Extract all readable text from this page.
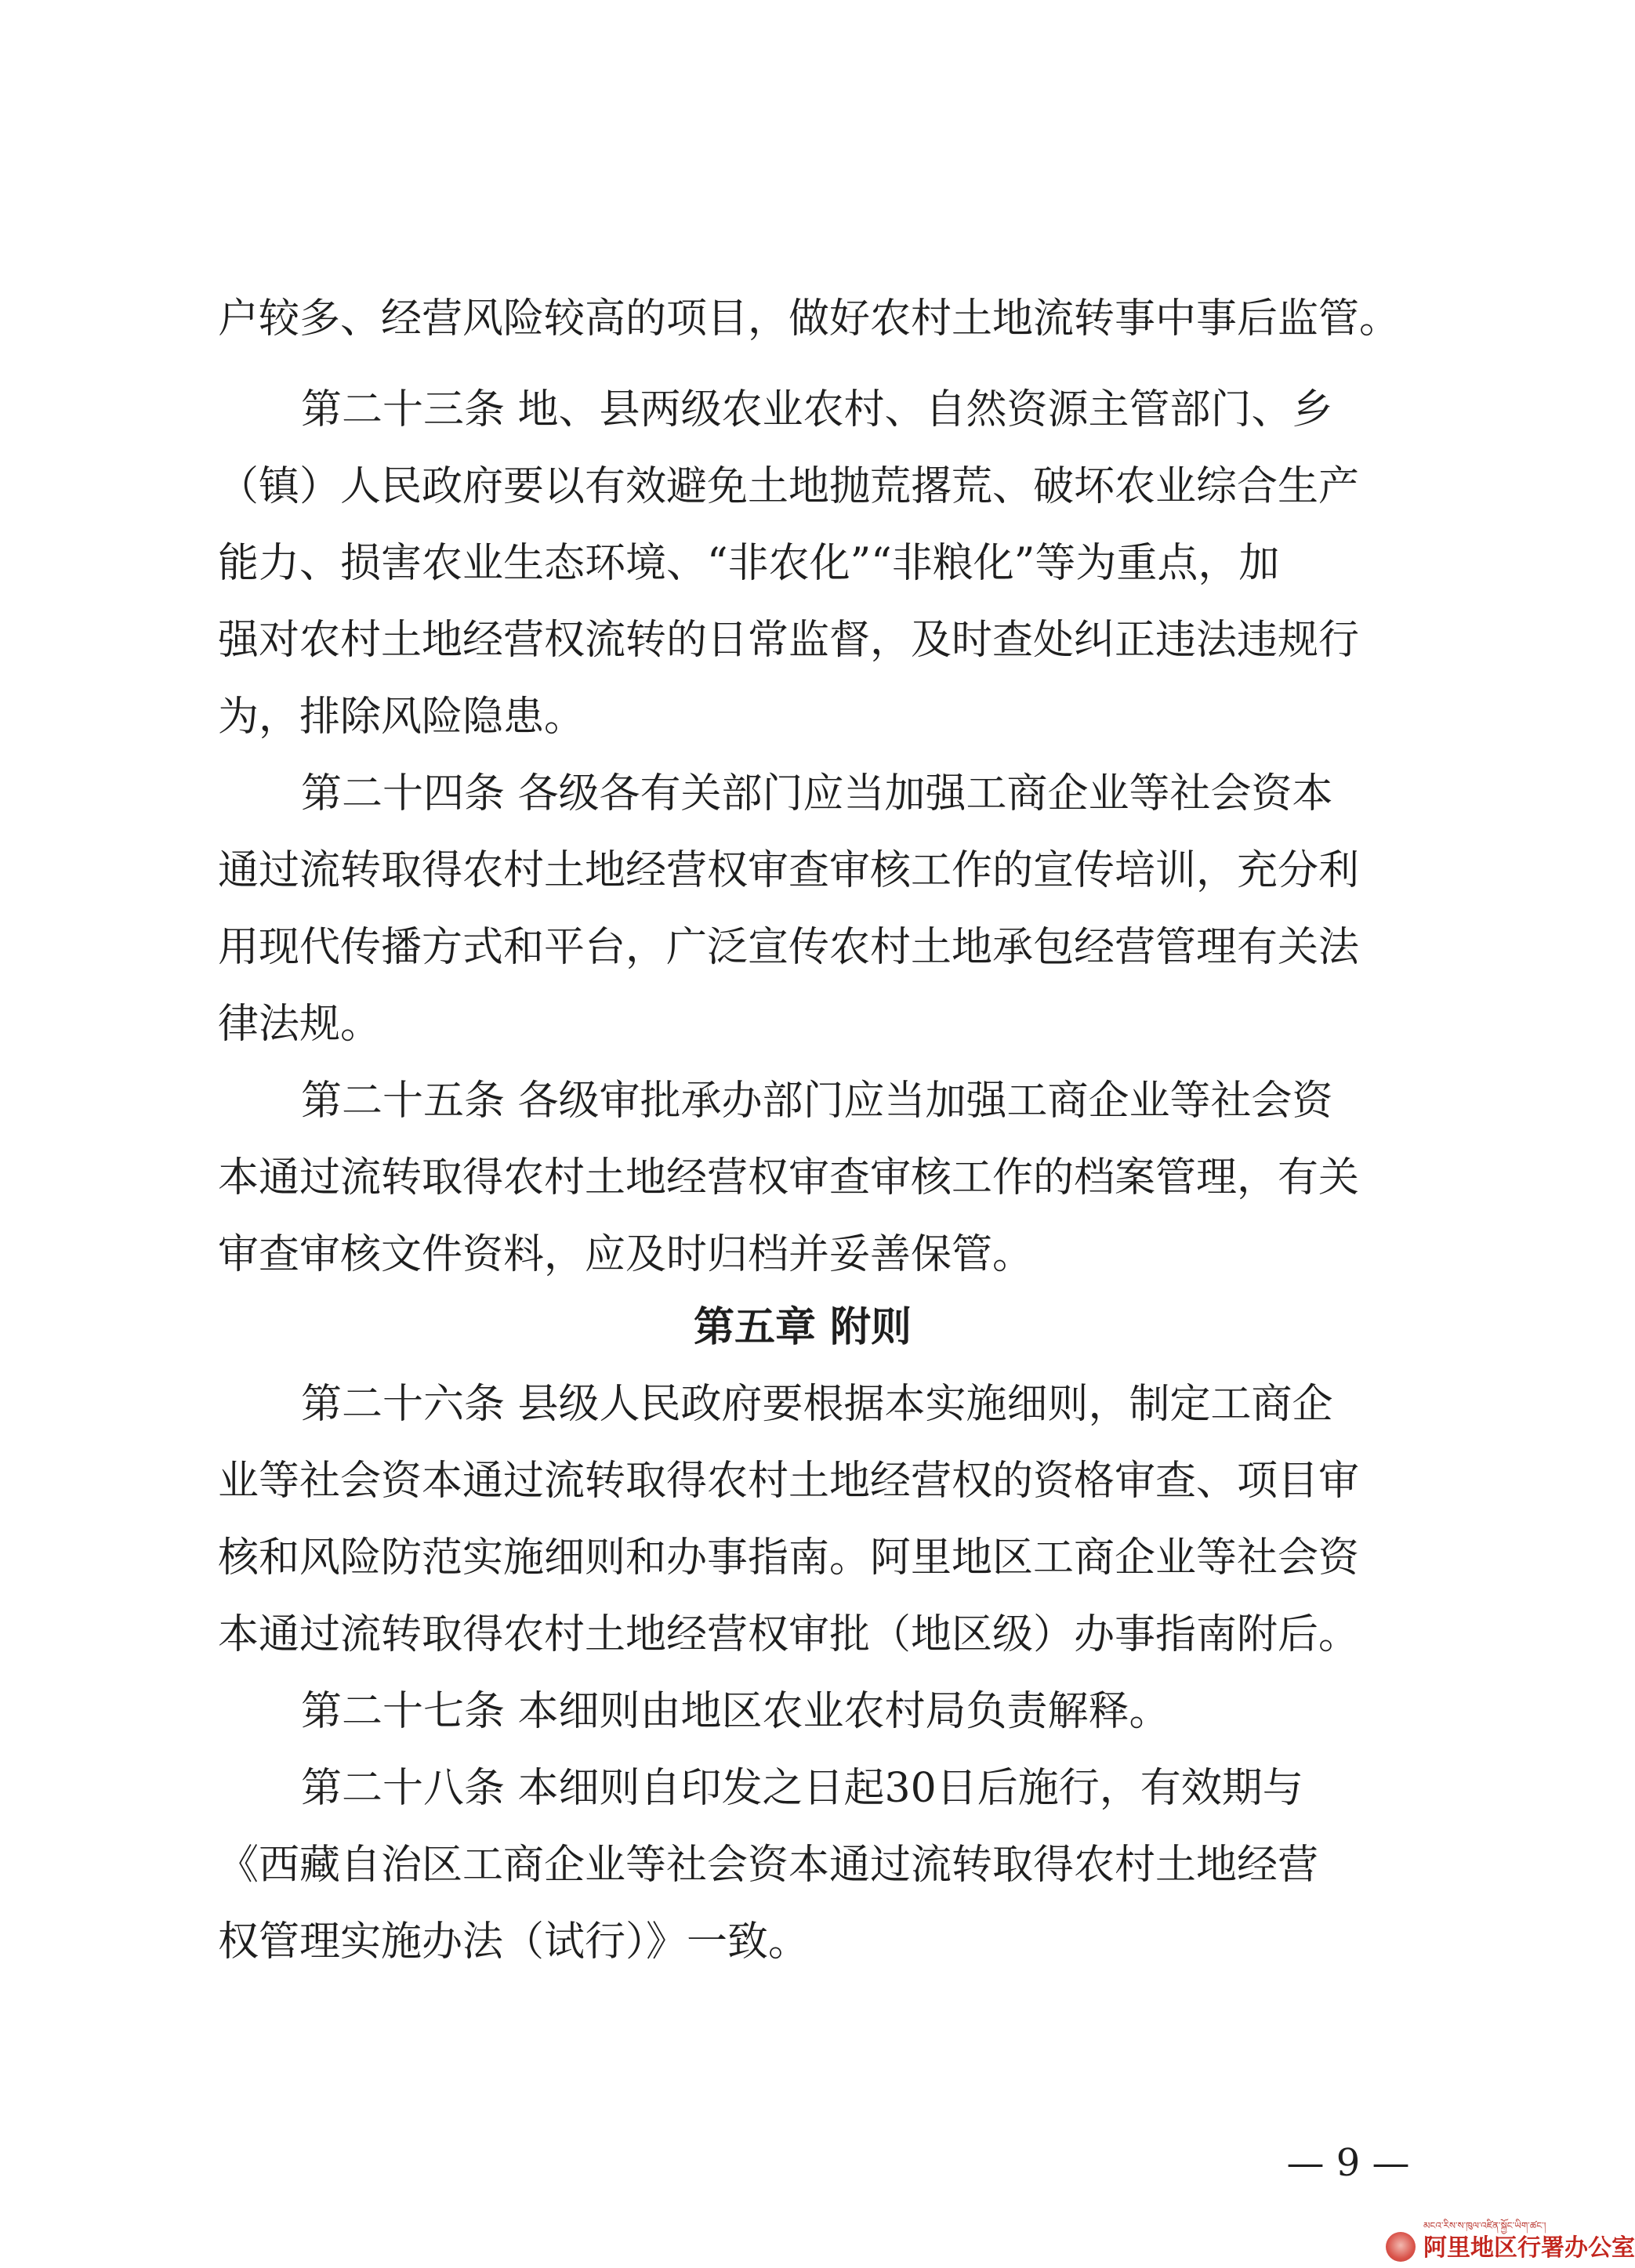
户较多、经营风险较高的项目，做好农村土地流转事中事后监管。
第二十三条 地、县两级农业农村、自然资源主管部门、乡
（镇）人民政府要以有效避免土地抛荒撂荒、破坏农业综合生产
能力、损害农业生态环境、“非农化”“非粮化”等为重点，加
强对农村土地经营权流转的日常监督，及时查处纠正违法违规行
为，排除风险隐患。
第二十四条 各级各有关部门应当加强工商企业等社会资本
通过流转取得农村土地经营权审查审核工作的宣传培训，充分利
用现代传播方式和平台，广泛宣传农村土地承包经营管理有关法
律法规。
第二十五条 各级审批承办部门应当加强工商企业等社会资
本通过流转取得农村土地经营权审查审核工作的档案管理，有关
审查审核文件资料，应及时归档并妥善保管。
第五章 附则
第二十六条 县级人民政府要根据本实施细则，制定工商企
业等社会资本通过流转取得农村土地经营权的资格审查、项目审
核和风险防范实施细则和办事指南。阿里地区工商企业等社会资
本通过流转取得农村土地经营权审批（地区级）办事指南附后。
第二十七条 本细则由地区农业农村局负责解释。
第二十八条 本细则自印发之日起30日后施行，有效期与
《西藏自治区工商企业等社会资本通过流转取得农村土地经营
权管理实施办法（试行）》一致。
— 9 —
མངའ་རིས་ས་ཁུལ་འཛིན་སྐྱོང་ཡིག་ཚང་།
阿里地区行署办公室
